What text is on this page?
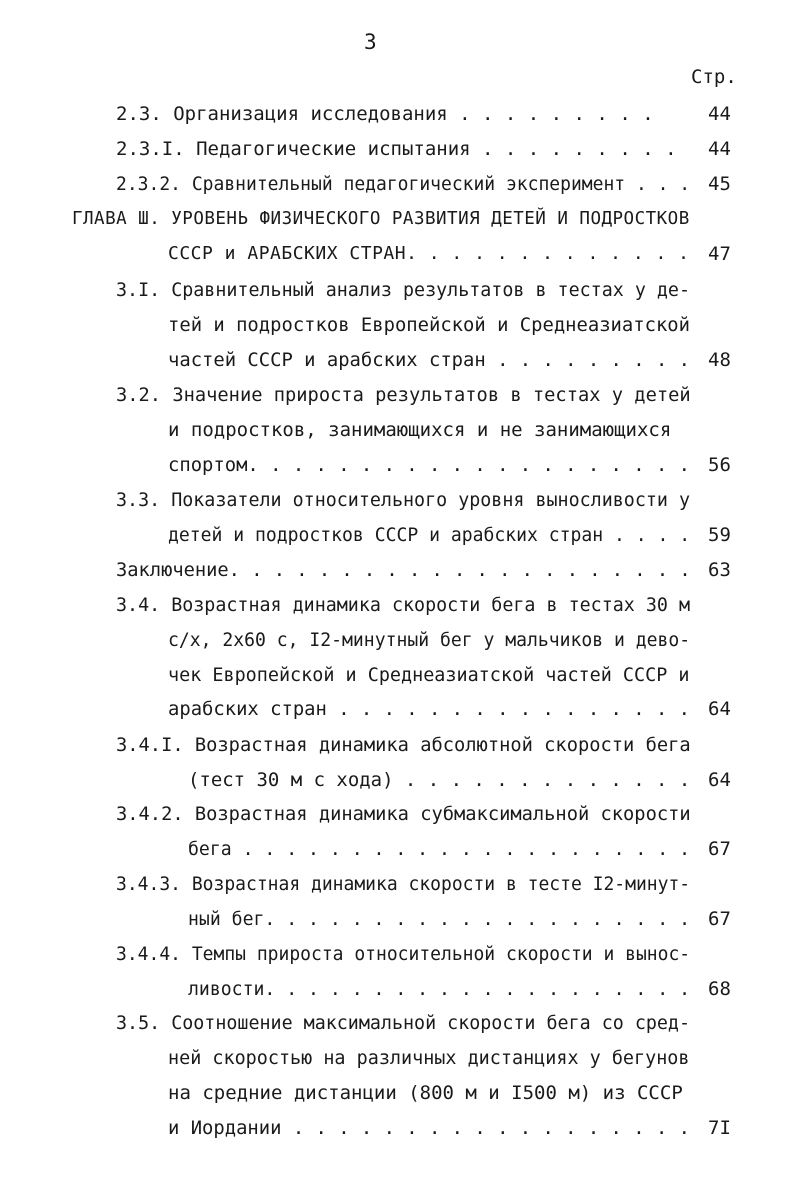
3
Стр.
2.3. Организация исследования . . . . . . . . .	44
2.3.I. Педагогические испытания . . . . . . . . . 44
2.3.2. Сравнительный педагогический эксперимент . . . 45
ГЛАВА Ш. УРОВЕНЬ ФИЗИЧЕСКОГО РАЗВИТИЯ ДЕТЕЙ И ПОДРОСТКОВ
СССР и АРАБСКИХ СТРАН. . . . . . . . . . . . . 47
3.I. Сравнительный анализ результатов в тестах у де-
тей и подростков Европейской и Среднеазиатской
частей СССР и арабских стран . . . . . . . . . 48
3.2. Значение прироста результатов в тестах у детей
и подростков, занимающихся и не занимающихся
спортом. . . . . . . . . . . . . . . . . . . . 56
3.3. Показатели относительного уровня выносливости у
детей и подростков СССР и арабских стран . . . . 59
Заключение. . . . . . . . . . . . . . . . . . . . . 63
3.4. Возрастная динамика скорости бега в тестах 30 м
с/х, 2х60 с, I2-минутный бег у мальчиков и дево-
чек Европейской и Среднеазиатской частей СССР и
арабских стран . . . . . . . . . . . . . . . . 64
3.4.I. Возрастная динамика абсолютной скорости бега
(тест 30 м с хода) . . . . . . . . . . . . . 64
3.4.2. Возрастная динамика субмаксимальной скорости
бега . . . . . . . . . . . . . . . . . . . . . 67
3.4.3. Возрастная динамика скорости в тесте I2-минут-
ный бег. . . . . . . . . . . . . . . . . . . . 67
3.4.4. Темпы прироста относительной скорости и вынос-
ливости. . . . . . . . . . . . . . . . . . . . 68
3.5. Соотношение максимальной скорости бега со сред-
ней скоростью на различных дистанциях у бегунов
на средние дистанции (800 м и I500 м) из СССР
и Иордании . . . . . . . . . . . . . . . . . . 7I
